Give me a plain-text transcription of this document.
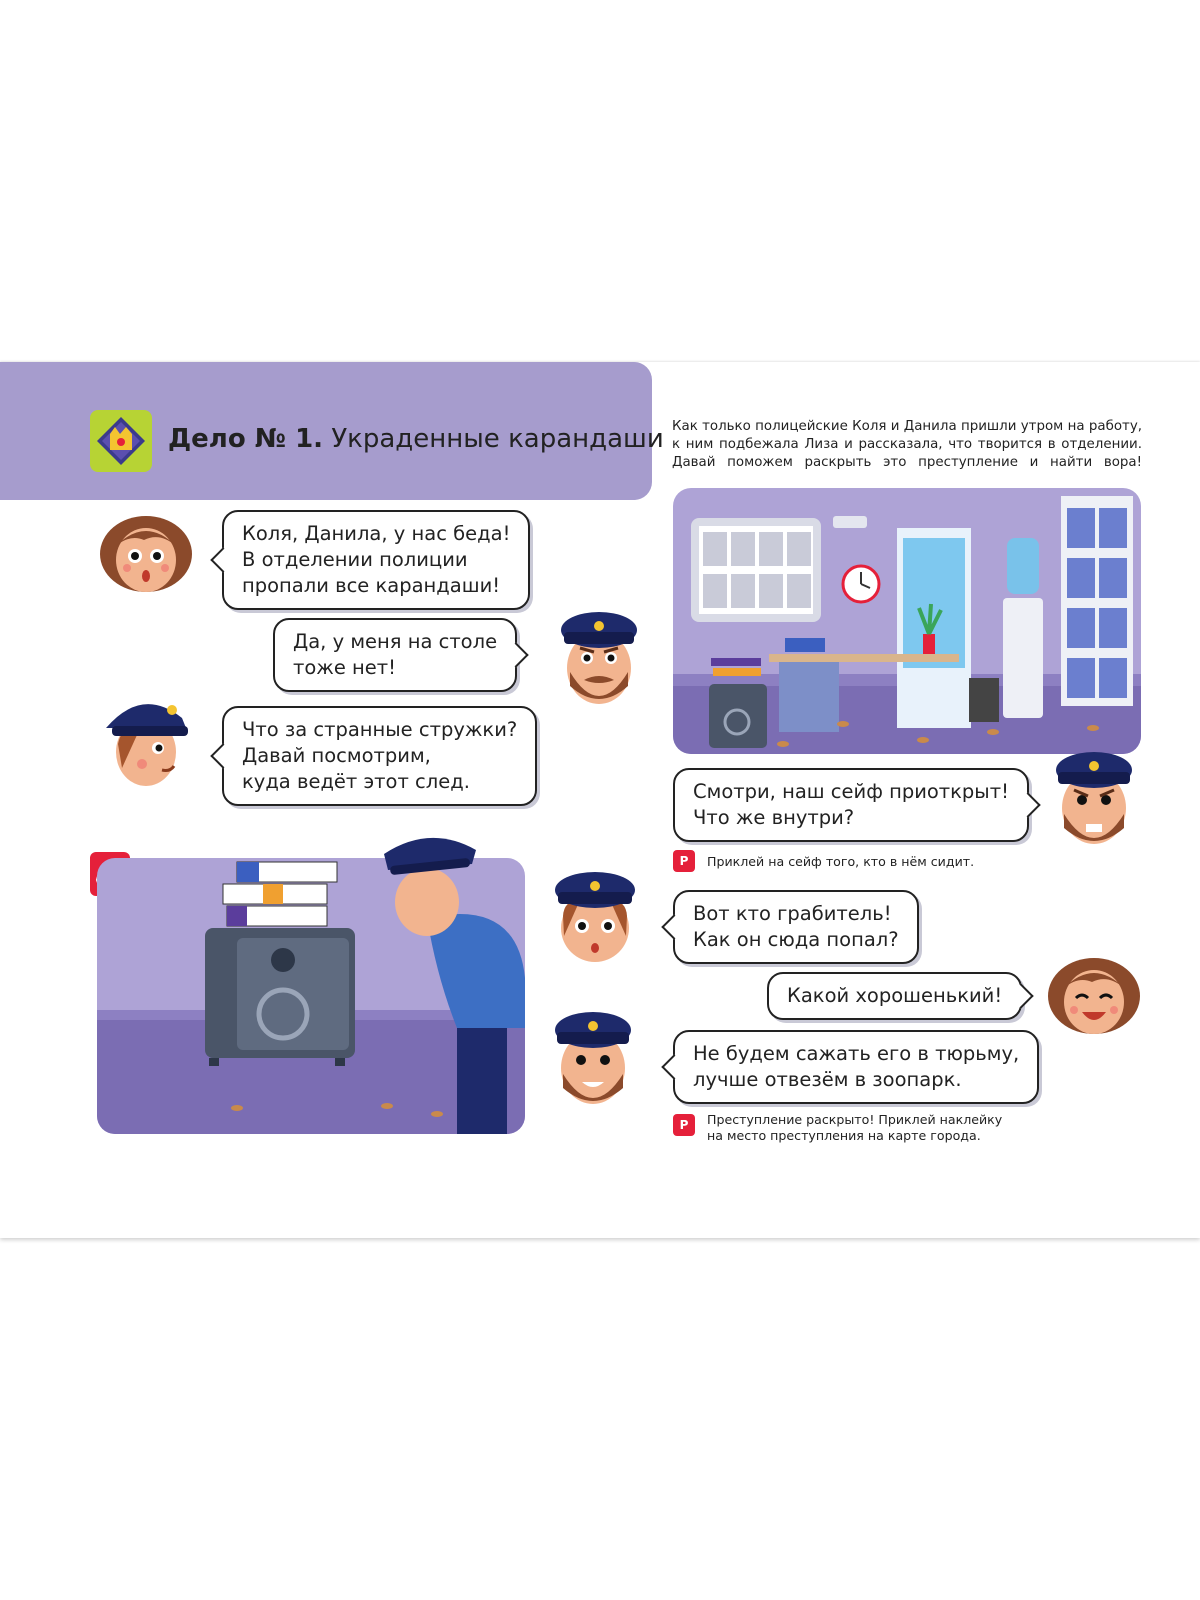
Дело № 1. Украденные карандаши Как только полицейские Коля и Данила пришли утром на работу, к ним подбежала Лиза и рассказала, что творится в отделении. Давай поможем раскрыть это преступление и найти вора!
Коля, Данила, у нас беда!
В отделении полиции
пропали все карандаши!
Да, у меня на столе
тоже нет!
Что за странные стружки?
Давай посмотрим,
куда ведёт этот след.	Смотри, наш сейф приоткрыт!
Что же внутри?
Вот кто грабитель!
Как он сюда попал?
Какой хорошенький!
Не будем сажать его в тюрьму,
лучше отвезём в зоопарк.
P	Приклей на сейф того, кто в нём сидит.
P	Преступление раскрыто! Приклей наклейку
на место преступления на карте города.
